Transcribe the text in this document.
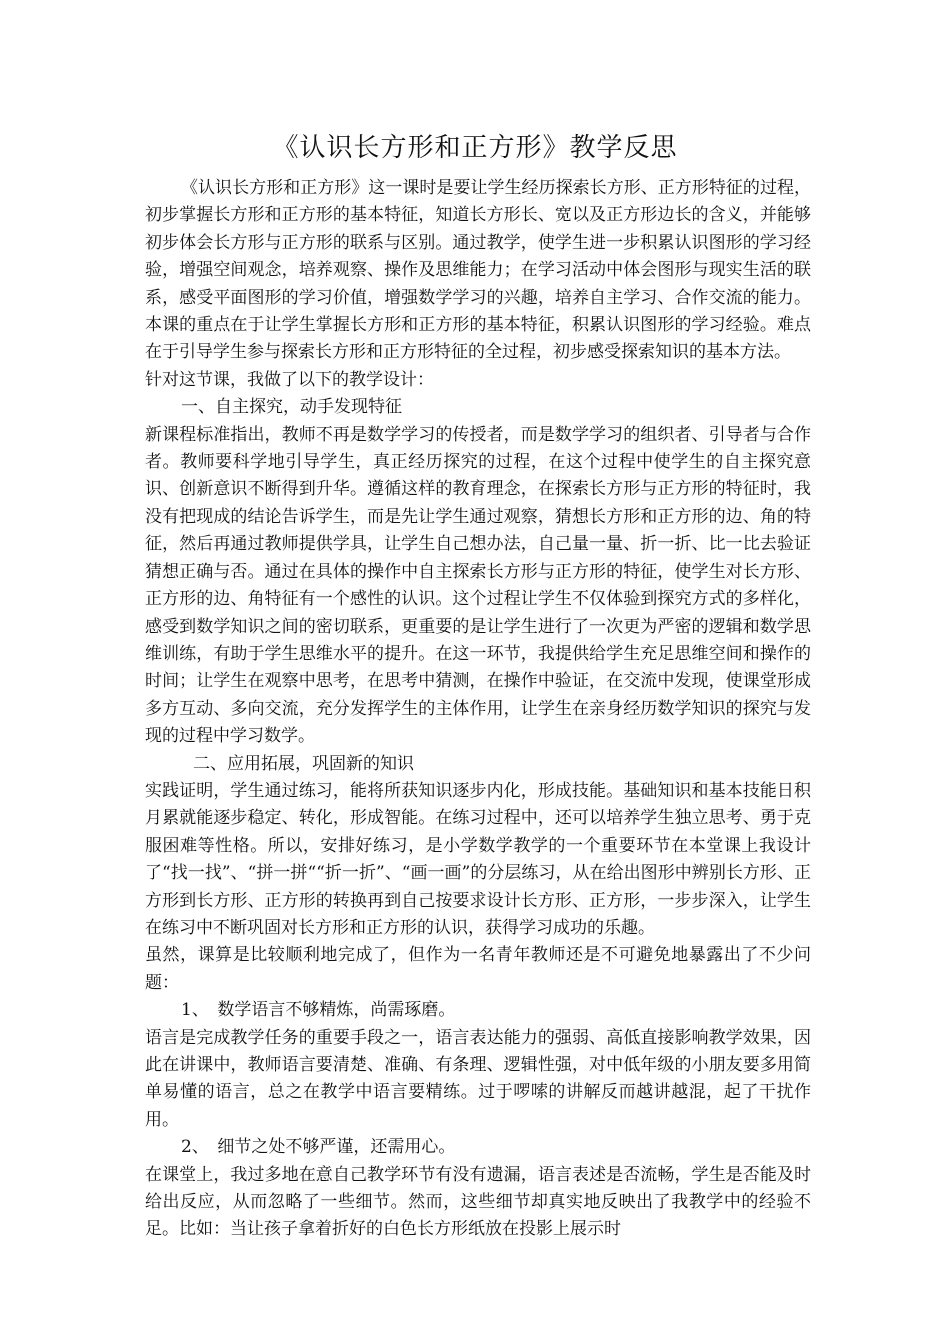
《认识长方形和正方形》教学反思

《认识长方形和正方形》这一课时是要让学生经历探索长方形、正方形特征的过程，初步掌握长方形和正方形的基本特征，知道长方形长、宽以及正方形边长的含义，并能够初步体会长方形与正方形的联系与区别。通过教学，使学生进一步积累认识图形的学习经验，增强空间观念，培养观察、操作及思维能力；在学习活动中体会图形与现实生活的联系，感受平面图形的学习价值，增强数学学习的兴趣，培养自主学习、合作交流的能力。本课的重点在于让学生掌握长方形和正方形的基本特征，积累认识图形的学习经验。难点在于引导学生参与探索长方形和正方形特征的全过程，初步感受探索知识的基本方法。

针对这节课，我做了以下的教学设计：

一、自主探究，动手发现特征

新课程标准指出，教师不再是数学学习的传授者，而是数学学习的组织者、引导者与合作者。教师要科学地引导学生，真正经历探究的过程，在这个过程中使学生的自主探究意识、创新意识不断得到升华。遵循这样的教育理念，在探索长方形与正方形的特征时，我没有把现成的结论告诉学生，而是先让学生通过观察，猜想长方形和正方形的边、角的特征，然后再通过教师提供学具，让学生自己想办法，自己量一量、折一折、比一比去验证猜想正确与否。通过在具体的操作中自主探索长方形与正方形的特征，使学生对长方形、正方形的边、角特征有一个感性的认识。这个过程让学生不仅体验到探究方式的多样化，感受到数学知识之间的密切联系，更重要的是让学生进行了一次更为严密的逻辑和数学思维训练，有助于学生思维水平的提升。在这一环节，我提供给学生充足思维空间和操作的时间；让学生在观察中思考，在思考中猜测，在操作中验证，在交流中发现，使课堂形成多方互动、多向交流，充分发挥学生的主体作用，让学生在亲身经历数学知识的探究与发现的过程中学习数学。

二、应用拓展，巩固新的知识

实践证明，学生通过练习，能将所获知识逐步内化，形成技能。基础知识和基本技能日积月累就能逐步稳定、转化，形成智能。在练习过程中，还可以培养学生独立思考、勇于克服困难等性格。所以，安排好练习，是小学数学教学的一个重要环节在本堂课上我设计了“找一找”、“拼一拼““折一折”、“画一画”的分层练习，从在给出图形中辨别长方形、正方形到长方形、正方形的转换再到自己按要求设计长方形、正方形，一步步深入，让学生在练习中不断巩固对长方形和正方形的认识，获得学习成功的乐趣。

虽然，课算是比较顺利地完成了，但作为一名青年教师还是不可避免地暴露出了不少问题：

1、　数学语言不够精炼，尚需琢磨。

语言是完成教学任务的重要手段之一，语言表达能力的强弱、高低直接影响教学效果，因此在讲课中，教师语言要清楚、准确、有条理、逻辑性强，对中低年级的小朋友要多用简单易懂的语言，总之在教学中语言要精练。过于啰嗦的讲解反而越讲越混，起了干扰作用。

2、　细节之处不够严谨，还需用心。

在课堂上，我过多地在意自己教学环节有没有遗漏，语言表述是否流畅，学生是否能及时给出反应，从而忽略了一些细节。然而，这些细节却真实地反映出了我教学中的经验不足。比如：当让孩子拿着折好的白色长方形纸放在投影上展示时
